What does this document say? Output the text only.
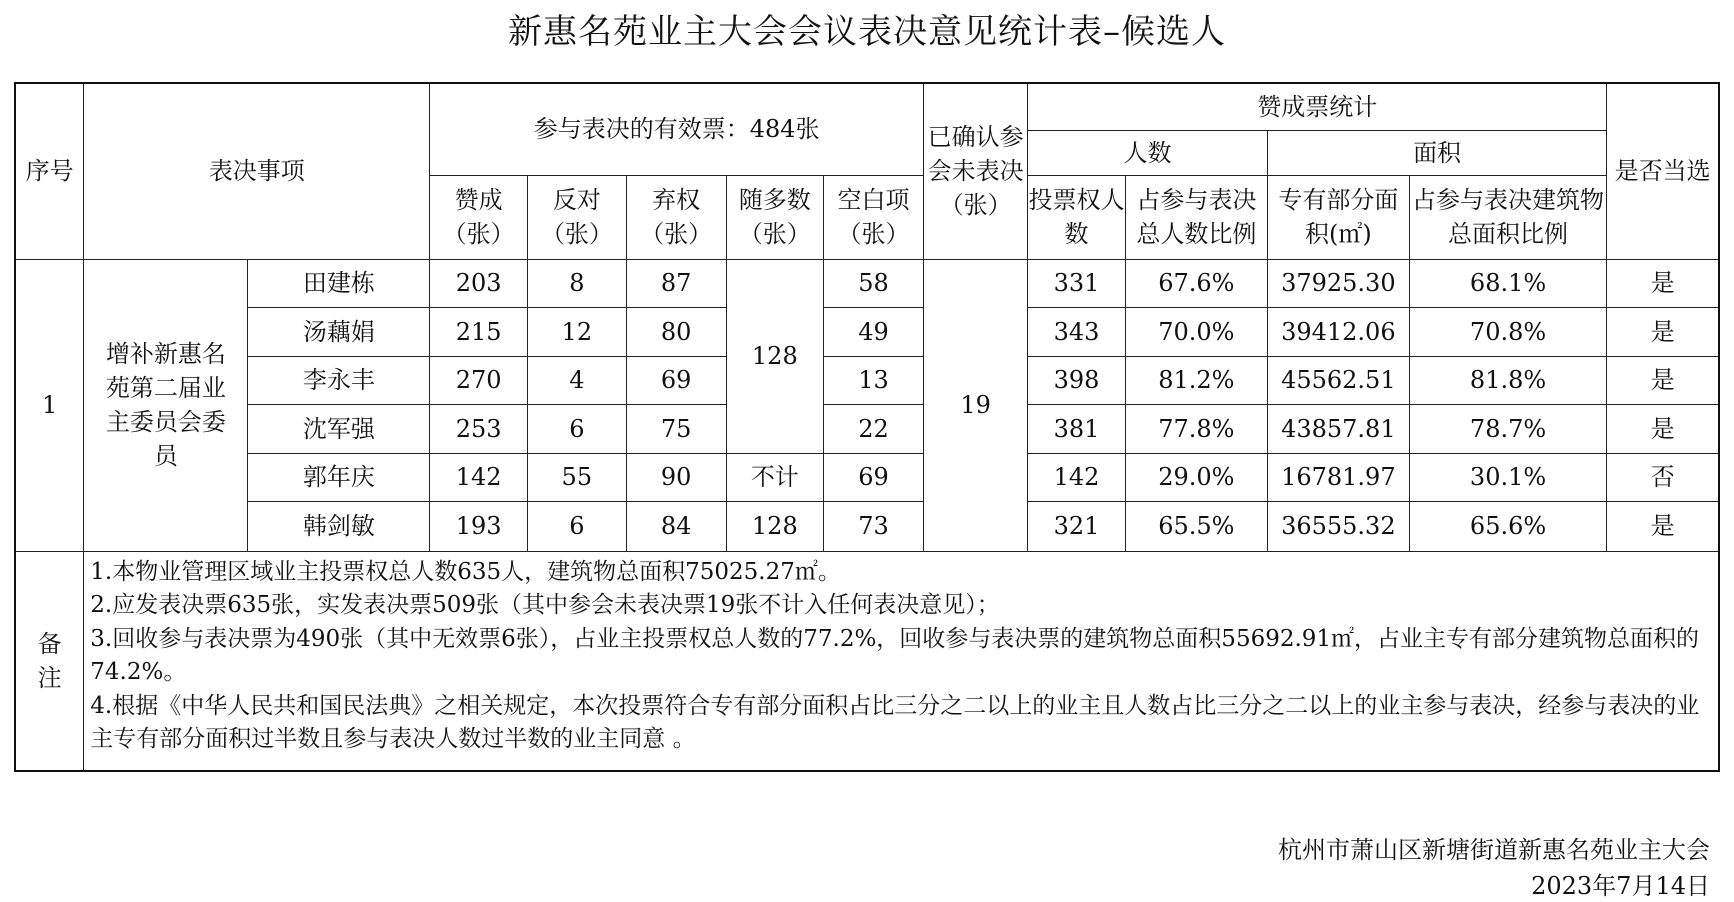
新惠名苑业主大会会议表决意见统计表–候选人
序号	表决事项		参与表决的有效票：484张					已确认参会未表决（张）	赞成票统计				是否当选
									人数		面积		
			赞成（张）	反对（张）	弃权（张）	随多数（张）	空白项（张）		投票权人数	占参与表决总人数比例	专有部分面积(㎡)	占参与表决建筑物总面积比例	
1	增补新惠名苑第二届业主委员会委员	田建栋	203	8	87	128	58	19	331	67.6%	37925.30	68.1%	是
		汤藕娟	215	12	80		49		343	70.0%	39412.06	70.8%	是
		李永丰	270	4	69		13		398	81.2%	45562.51	81.8%	是
		沈军强	253	6	75		22		381	77.8%	43857.81	78.7%	是
		郭年庆	142	55	90	不计	69		142	29.0%	16781.97	30.1%	否
		韩剑敏	193	6	84	128	73		321	65.5%	36555.32	65.6%	是
备注	1.本物业管理区域业主投票权总人数635人，建筑物总面积75025.27㎡。

2.应发表决票635张，实发表决票509张（其中参会未表决票19张不计入任何表决意见）；

3.回收参与表决票为490张（其中无效票6张），占业主投票权总人数的77.2%，回收参与表决票的建筑物总面积55692.91㎡，占业主专有部分建筑物总面积的74.2%。

4.根据《中华人民共和国民法典》之相关规定，本次投票符合专有部分面积占比三分之二以上的业主且人数占比三分之二以上的业主参与表决，经参与表决的业主专有部分面积过半数且参与表决人数过半数的业主同意 。												

杭州市萧山区新塘街道新惠名苑业主大会
2023年7月14日
